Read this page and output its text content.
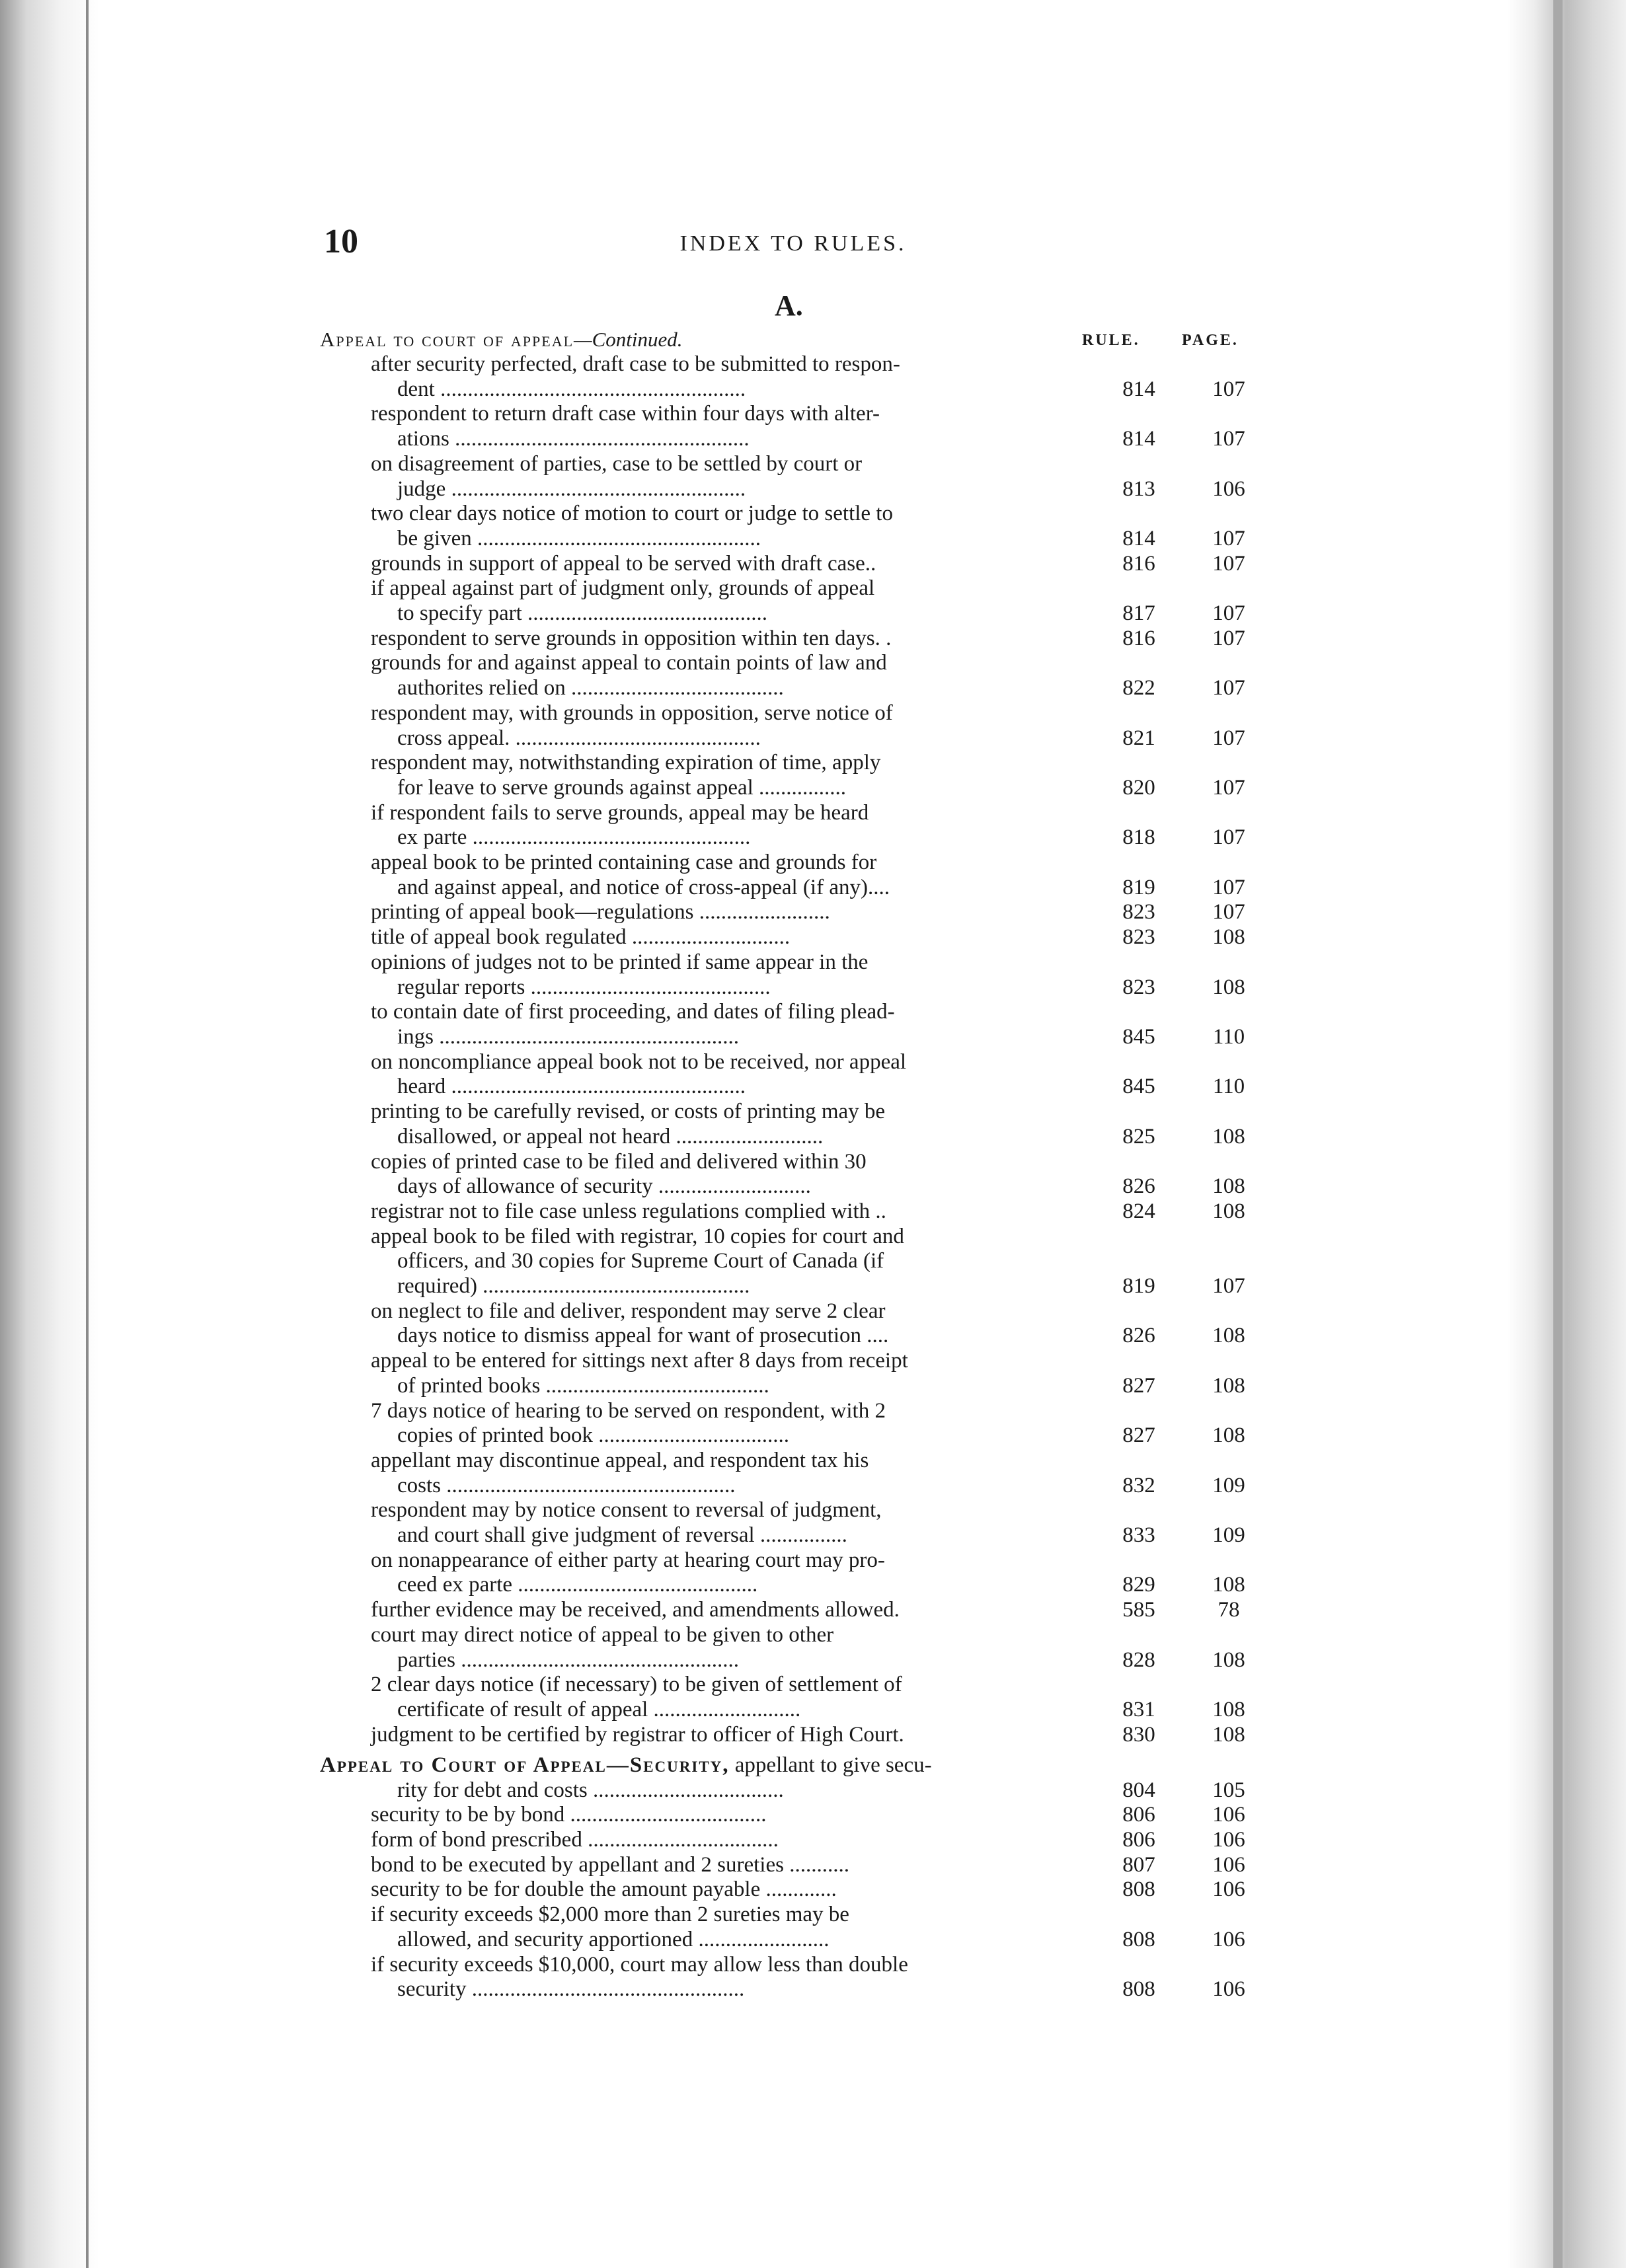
10	INDEX TO RULES.
A.
RULE.	PAGE.
Appeal to court of appeal—Continued.
after security perfected, draft case to be submitted to respon-
dent ........................................................	814	107
respondent to return draft case within four days with alter-
ations ......................................................	814	107
on disagreement of parties, case to be settled by court or
judge ......................................................	813	106
two clear days notice of motion to court or judge to settle to
be given ....................................................	814	107
grounds in support of appeal to be served with draft case..	816	107
if appeal against part of judgment only, grounds of appeal
to specify part ............................................	817	107
respondent to serve grounds in opposition within ten days. .	816	107
grounds for and against appeal to contain points of law and
authorites relied on .......................................	822	107
respondent may, with grounds in opposition, serve notice of
cross appeal. .............................................	821	107
respondent may, notwithstanding expiration of time, apply
for leave to serve grounds against appeal ................	820	107
if respondent fails to serve grounds, appeal may be heard
ex parte ...................................................	818	107
appeal book to be printed containing case and grounds for
and against appeal, and notice of cross-appeal (if any)....	819	107
printing of appeal book—regulations ........................	823	107
title of appeal book regulated .............................	823	108
opinions of judges not to be printed if same appear in the
regular reports ............................................	823	108
to contain date of first proceeding, and dates of filing plead-
ings .......................................................	845	110
on noncompliance appeal book not to be received, nor appeal
heard ......................................................	845	110
printing to be carefully revised, or costs of printing may be
disallowed, or appeal not heard ...........................	825	108
copies of printed case to be filed and delivered within 30
days of allowance of security ............................	826	108
registrar not to file case unless regulations complied with ..	824	108
appeal book to be filed with registrar, 10 copies for court and
officers, and 30 copies for Supreme Court of Canada (if
required) .................................................	819	107
on neglect to file and deliver, respondent may serve 2 clear
days notice to dismiss appeal for want of prosecution ....	826	108
appeal to be entered for sittings next after 8 days from receipt
of printed books .........................................	827	108
7 days notice of hearing to be served on respondent, with 2
copies of printed book ...................................	827	108
appellant may discontinue appeal, and respondent tax his
costs .....................................................	832	109
respondent may by notice consent to reversal of judgment,
and court shall give judgment of reversal ................	833	109
on nonappearance of either party at hearing court may pro-
ceed ex parte ............................................	829	108
further evidence may be received, and amendments allowed.	585	78
court may direct notice of appeal to be given to other
parties ...................................................	828	108
2 clear days notice (if necessary) to be given of settlement of
certificate of result of appeal ...........................	831	108
judgment to be certified by registrar to officer of High Court.	830	108
Appeal to Court of Appeal—Security, appellant to give secu-
rity for debt and costs ...................................	804	105
security to be by bond ....................................	806	106
form of bond prescribed ...................................	806	106
bond to be executed by appellant and 2 sureties ...........	807	106
security to be for double the amount payable .............	808	106
if security exceeds $2,000 more than 2 sureties may be
allowed, and security apportioned ........................	808	106
if security exceeds $10,000, court may allow less than double
security ..................................................	808	106
